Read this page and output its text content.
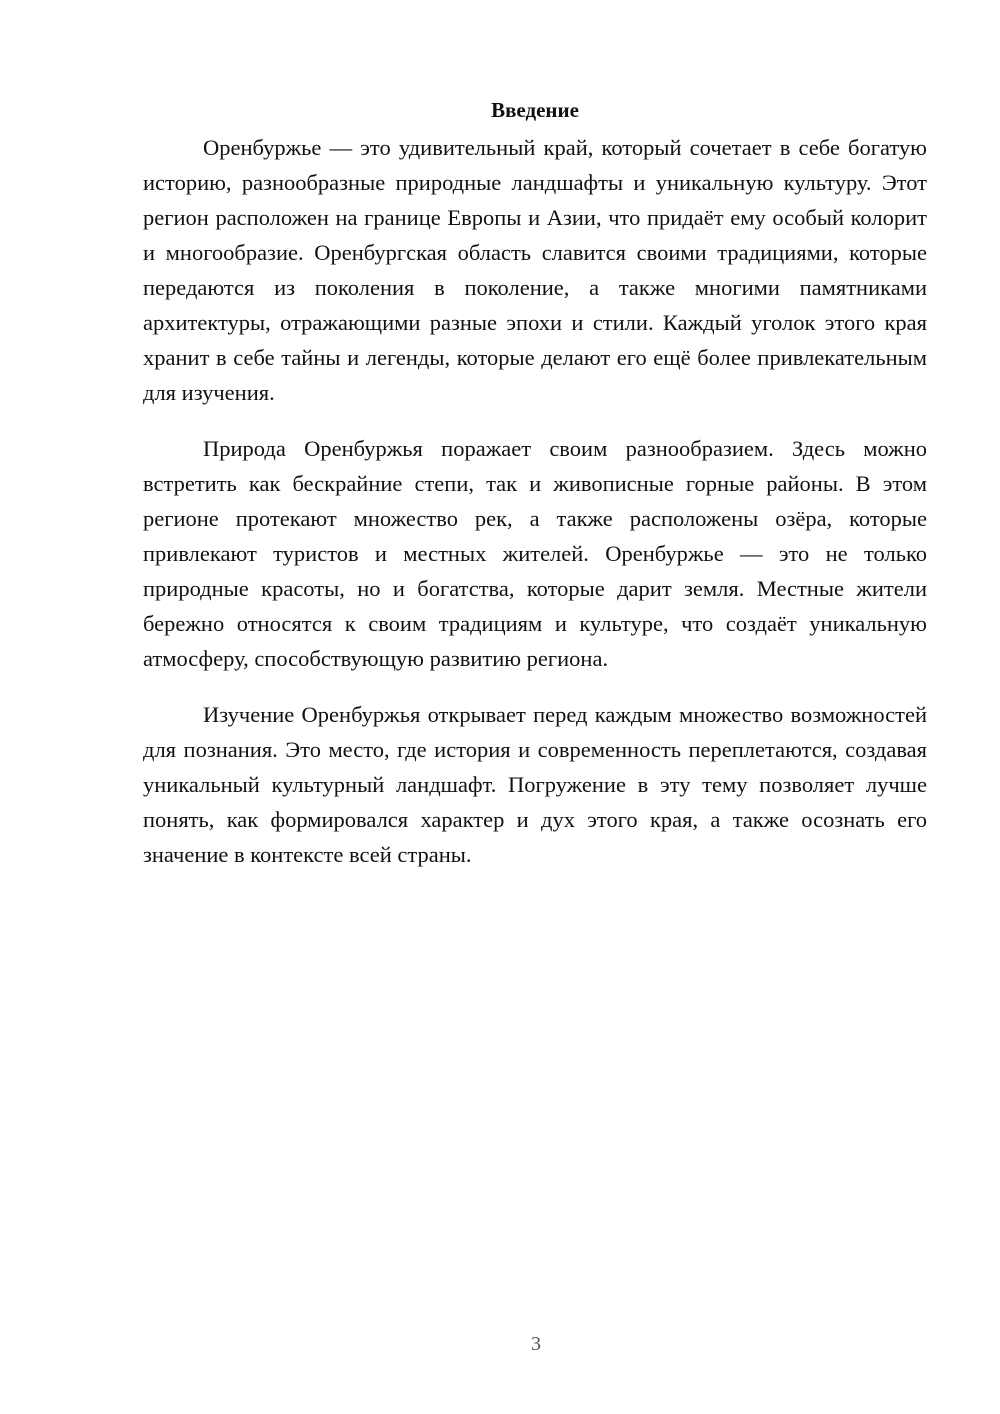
Введение

Оренбуржье — это удивительный край, который сочетает в себе богатую историю, разнообразные природные ландшафты и уникальную культуру. Этот регион расположен на границе Европы и Азии, что придаёт ему особый колорит и многообразие. Оренбургская область славится своими традициями, которые передаются из поколения в поколение, а также многими памятниками архитектуры, отражающими разные эпохи и стили. Каждый уголок этого края хранит в себе тайны и легенды, которые делают его ещё более привлекательным для изучения.

Природа Оренбуржья поражает своим разнообразием. Здесь можно встретить как бескрайние степи, так и живописные горные районы. В этом регионе протекают множество рек, а также расположены озёра, которые привлекают туристов и местных жителей. Оренбуржье — это не только природные красоты, но и богатства, которые дарит земля. Местные жители бережно относятся к своим традициям и культуре, что создаёт уникальную атмосферу, способствующую развитию региона.

Изучение Оренбуржья открывает перед каждым множество возможностей для познания. Это место, где история и современность переплетаются, создавая уникальный культурный ландшафт. Погружение в эту тему позволяет лучше понять, как формировался характер и дух этого края, а также осознать его значение в контексте всей страны.

3
